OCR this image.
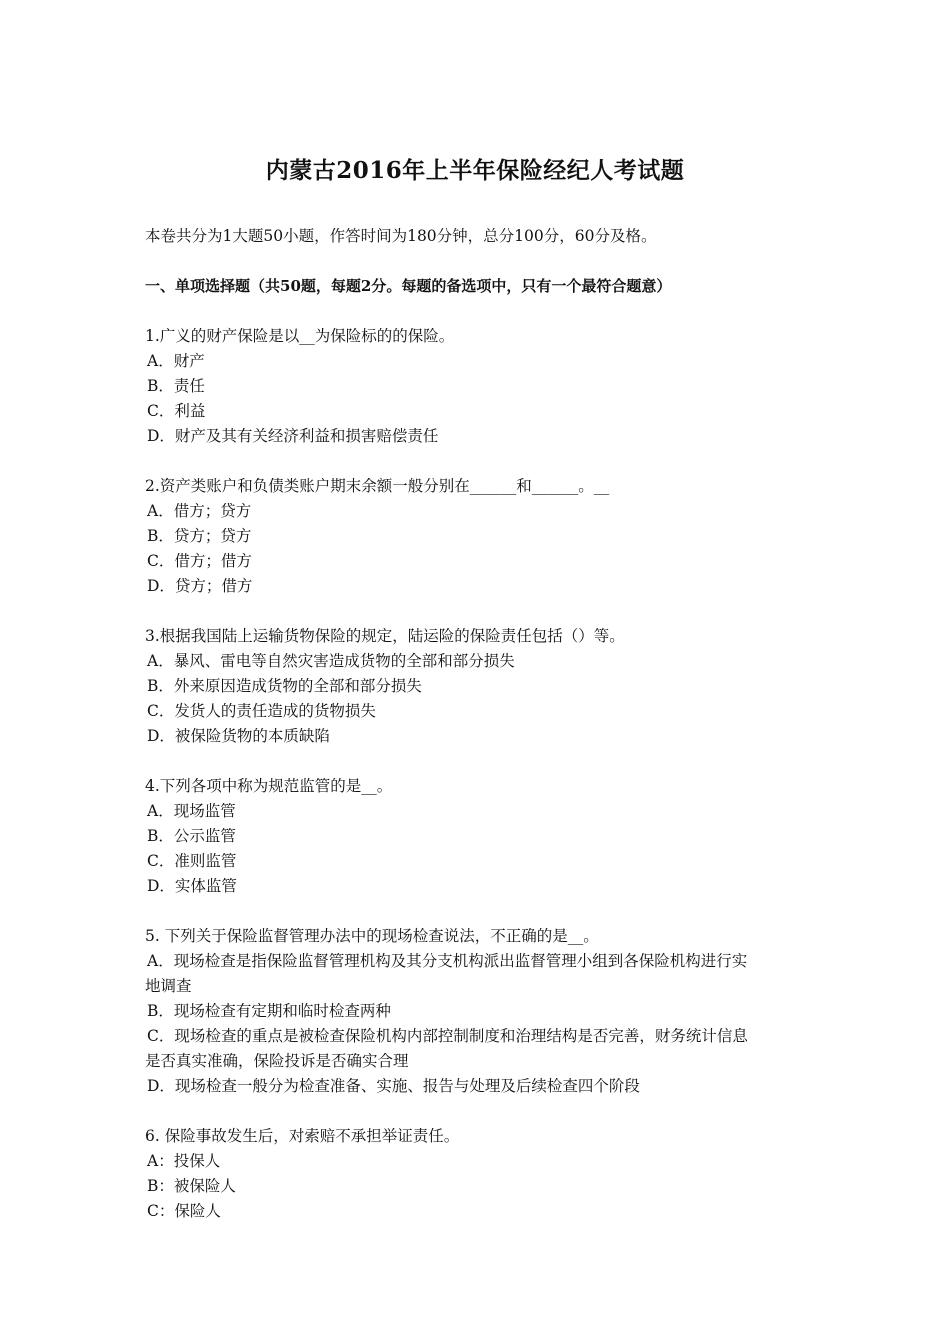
内蒙古2016年上半年保险经纪人考试题

本卷共分为1大题50小题，作答时间为180分钟，总分100分，60分及格。

一、单项选择题（共50题，每题2分。每题的备选项中，只有一个最符合题意）

1.广义的财产保险是以__为保险标的的保险。

A．财产

B．责任

C．利益

D．财产及其有关经济利益和损害赔偿责任

2.资产类账户和负债类账户期末余额一般分别在______和______。__

A．借方；贷方

B．贷方；贷方

C．借方；借方

D．贷方；借方

3.根据我国陆上运输货物保险的规定，陆运险的保险责任包括（）等。

A．暴风、雷电等自然灾害造成货物的全部和部分损失

B．外来原因造成货物的全部和部分损失

C．发货人的责任造成的货物损失

D．被保险货物的本质缺陷

4.下列各项中称为规范监管的是__。

A．现场监管

B．公示监管

C．准则监管

D．实体监管

5. 下列关于保险监督管理办法中的现场检查说法，不正确的是__。

A．现场检查是指保险监督管理机构及其分支机构派出监督管理小组到各保险机构进行实

地调查

B．现场检查有定期和临时检查两种

C．现场检查的重点是被检查保险机构内部控制制度和治理结构是否完善，财务统计信息

是否真实准确，保险投诉是否确实合理

D．现场检查一般分为检查准备、实施、报告与处理及后续检查四个阶段

6. 保险事故发生后，对索赔不承担举证责任。

A：投保人

B：被保险人

C：保险人
